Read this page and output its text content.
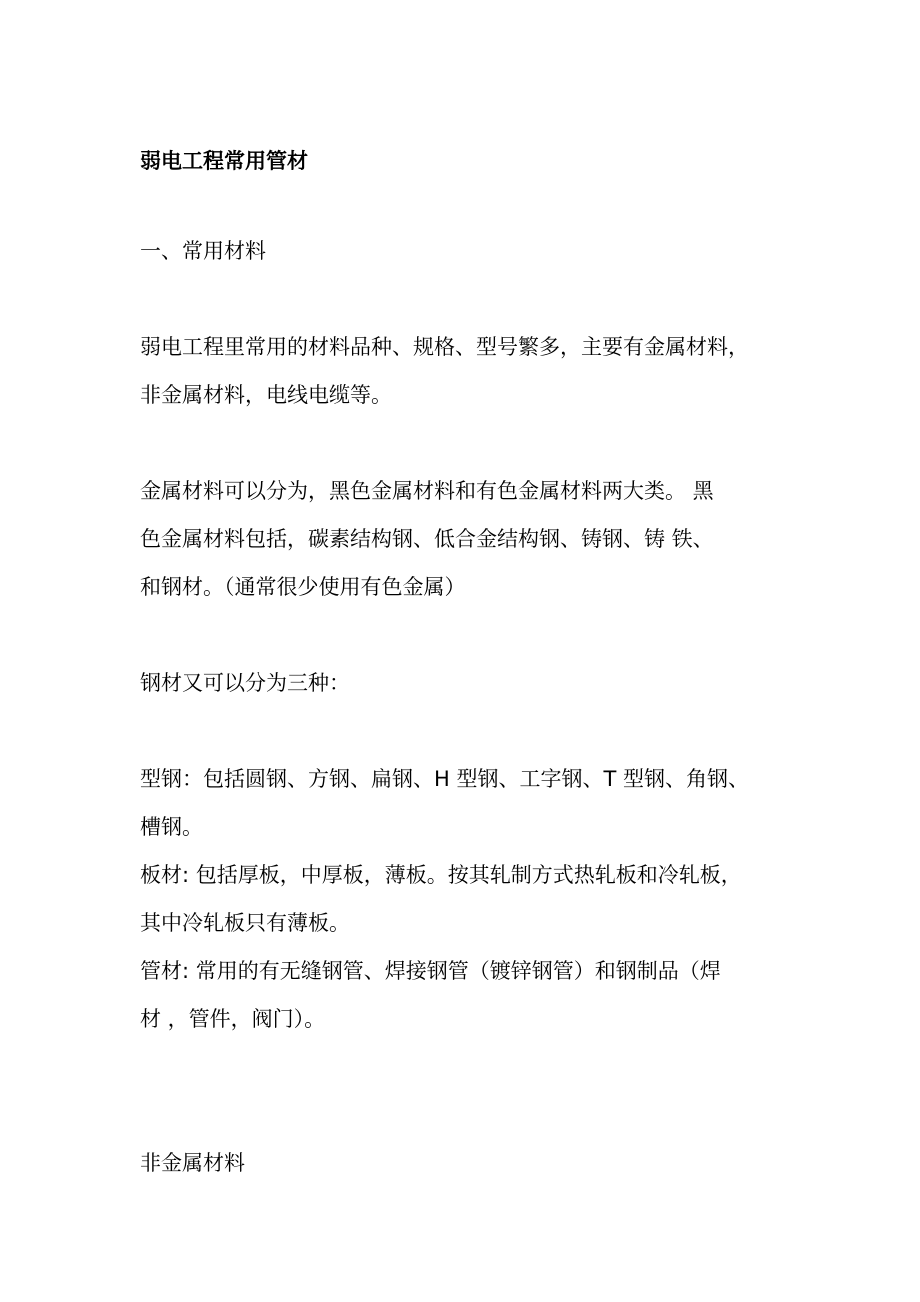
弱电工程常用管材

一、常用材料

弱电工程里常用的材料品种、规格、型号繁多，主要有金属材料，

非金属材料，电线电缆等。

金属材料可以分为，黑色金属材料和有色金属材料两大类。 黑

色金属材料包括，碳素结构钢、低合金结构钢、铸钢、铸 铁、

和钢材。（通常很少使用有色金属）

钢材又可以分为三种：

型钢：包括圆钢、方钢、扁钢、H 型钢、工字钢、T 型钢、角钢、

槽钢。

板材: 包括厚板，中厚板，薄板。按其轧制方式热轧板和冷轧板，

其中冷轧板只有薄板。

管材: 常用的有无缝钢管、焊接钢管（镀锌钢管）和钢制品（焊

材 ，管件，阀门）。

非金属材料
